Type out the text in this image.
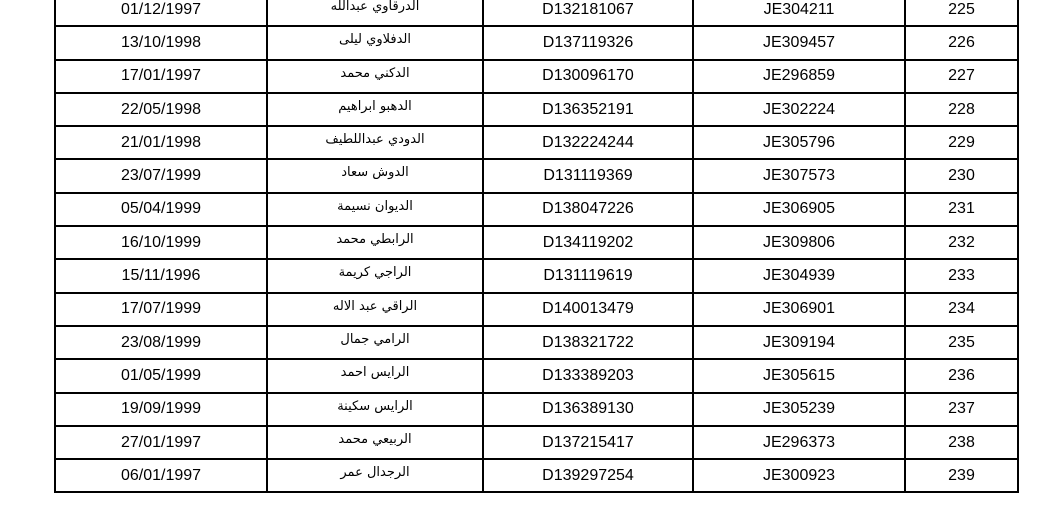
01/12/1997	الدرقاوي عبدالله	D132181067	JE304211	225
13/10/1998	الدفلاوي ليلى	D137119326	JE309457	226
17/01/1997	الدكني محمد	D130096170	JE296859	227
22/05/1998	الدهبو ابراهيم	D136352191	JE302224	228
21/01/1998	الدودي عبداللطيف	D132224244	JE305796	229
23/07/1999	الدوش سعاد	D131119369	JE307573	230
05/04/1999	الديوان نسيمة	D138047226	JE306905	231
16/10/1999	الرابطي محمد	D134119202	JE309806	232
15/11/1996	الراجي كريمة	D131119619	JE304939	233
17/07/1999	الراقي عبد الاله	D140013479	JE306901	234
23/08/1999	الرامي جمال	D138321722	JE309194	235
01/05/1999	الرايس احمد	D133389203	JE305615	236
19/09/1999	الرايس سكينة	D136389130	JE305239	237
27/01/1997	الربيعي محمد	D137215417	JE296373	238
06/01/1997	الرجدال عمر	D139297254	JE300923	239
